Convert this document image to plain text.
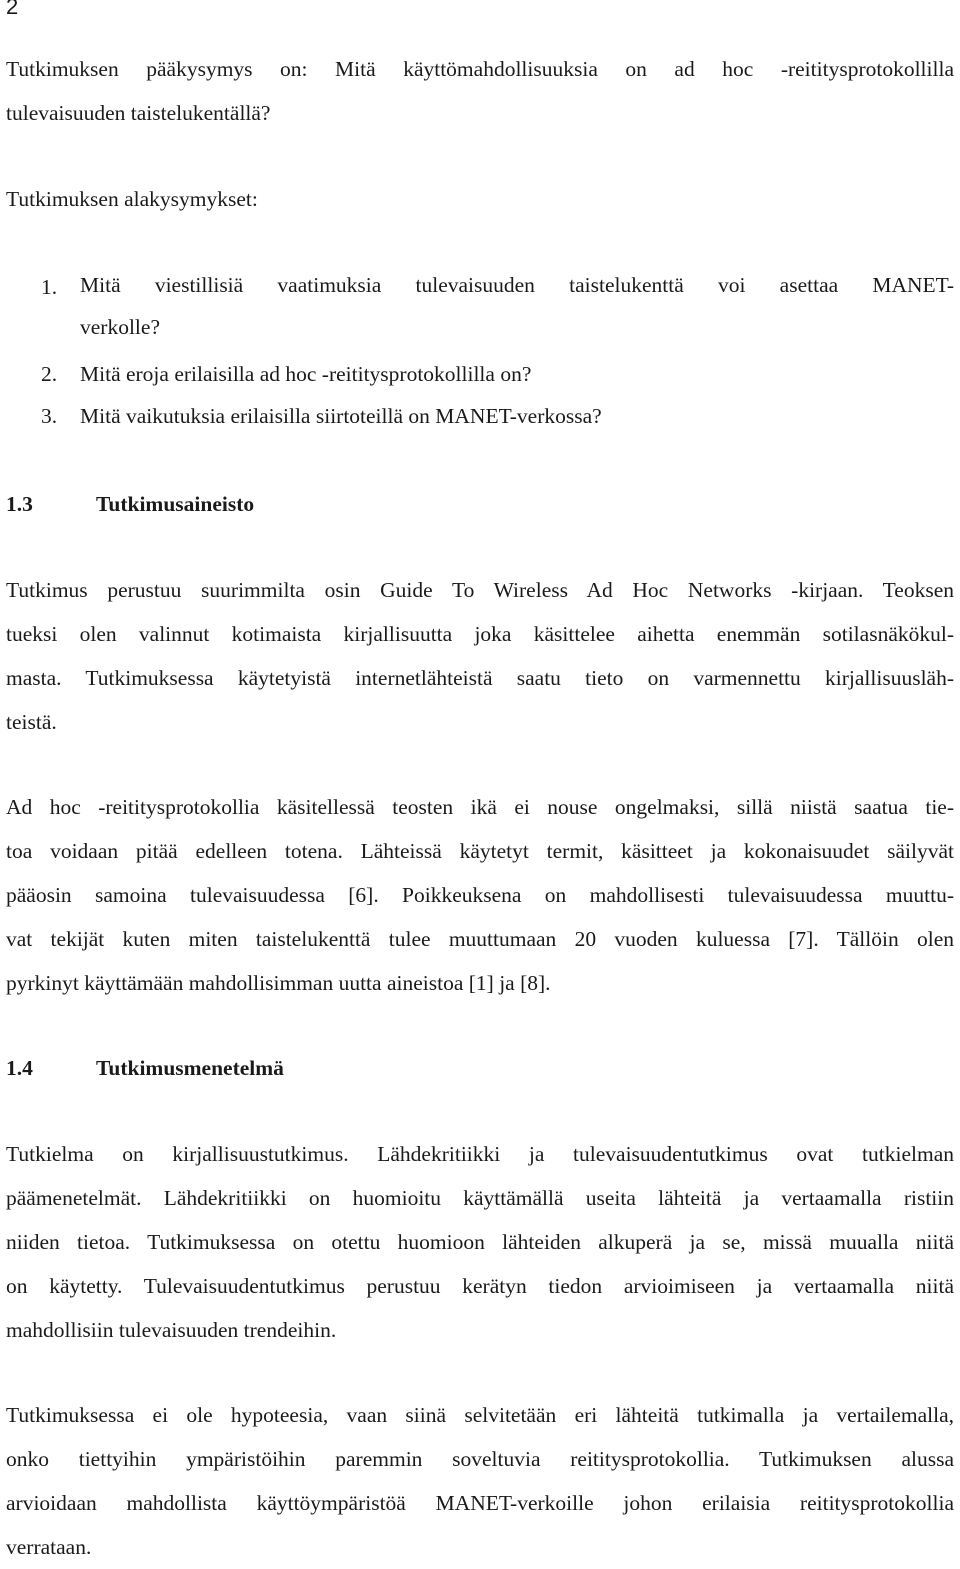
2
Tutkimuksen pääkysymys on: Mitä käyttömahdollisuuksia on ad hoc -reititysprotokollilla
tulevaisuuden taistelukentällä?
Tutkimuksen alakysymykset:
1. Mitä viestillisiä vaatimuksia tulevaisuuden taistelukenttä voi asettaa MANET-
verkolle?
2. Mitä eroja erilaisilla ad hoc -reititysprotokollilla on?
3. Mitä vaikutuksia erilaisilla siirtoteillä on MANET-verkossa?
1.3	Tutkimusaineisto
Tutkimus perustuu suurimmilta osin Guide To Wireless Ad Hoc Networks -kirjaan. Teoksen
tueksi olen valinnut kotimaista kirjallisuutta joka käsittelee aihetta enemmän sotilasnäkökul-
masta. Tutkimuksessa käytetyistä internetlähteistä saatu tieto on varmennettu kirjallisuusläh-
teistä.
Ad hoc -reititysprotokollia käsitellessä teosten ikä ei nouse ongelmaksi, sillä niistä saatua tie-
toa voidaan pitää edelleen totena. Lähteissä käytetyt termit, käsitteet ja kokonaisuudet säilyvät
pääosin samoina tulevaisuudessa [6]. Poikkeuksena on mahdollisesti tulevaisuudessa muuttu-
vat tekijät kuten miten taistelukenttä tulee muuttumaan 20 vuoden kuluessa [7]. Tällöin olen
pyrkinyt käyttämään mahdollisimman uutta aineistoa [1] ja [8].
1.4	Tutkimusmenetelmä
Tutkielma on kirjallisuustutkimus. Lähdekritiikki ja tulevaisuudentutkimus ovat tutkielman
päämenetelmät. Lähdekritiikki on huomioitu käyttämällä useita lähteitä ja vertaamalla ristiin
niiden tietoa. Tutkimuksessa on otettu huomioon lähteiden alkuperä ja se, missä muualla niitä
on käytetty. Tulevaisuudentutkimus perustuu kerätyn tiedon arvioimiseen ja vertaamalla niitä
mahdollisiin tulevaisuuden trendeihin.
Tutkimuksessa ei ole hypoteesia, vaan siinä selvitetään eri lähteitä tutkimalla ja vertailemalla,
onko tiettyihin ympäristöihin paremmin soveltuvia reititysprotokollia. Tutkimuksen alussa
arvioidaan mahdollista käyttöympäristöä MANET-verkoille johon erilaisia reititysprotokollia
verrataan.
